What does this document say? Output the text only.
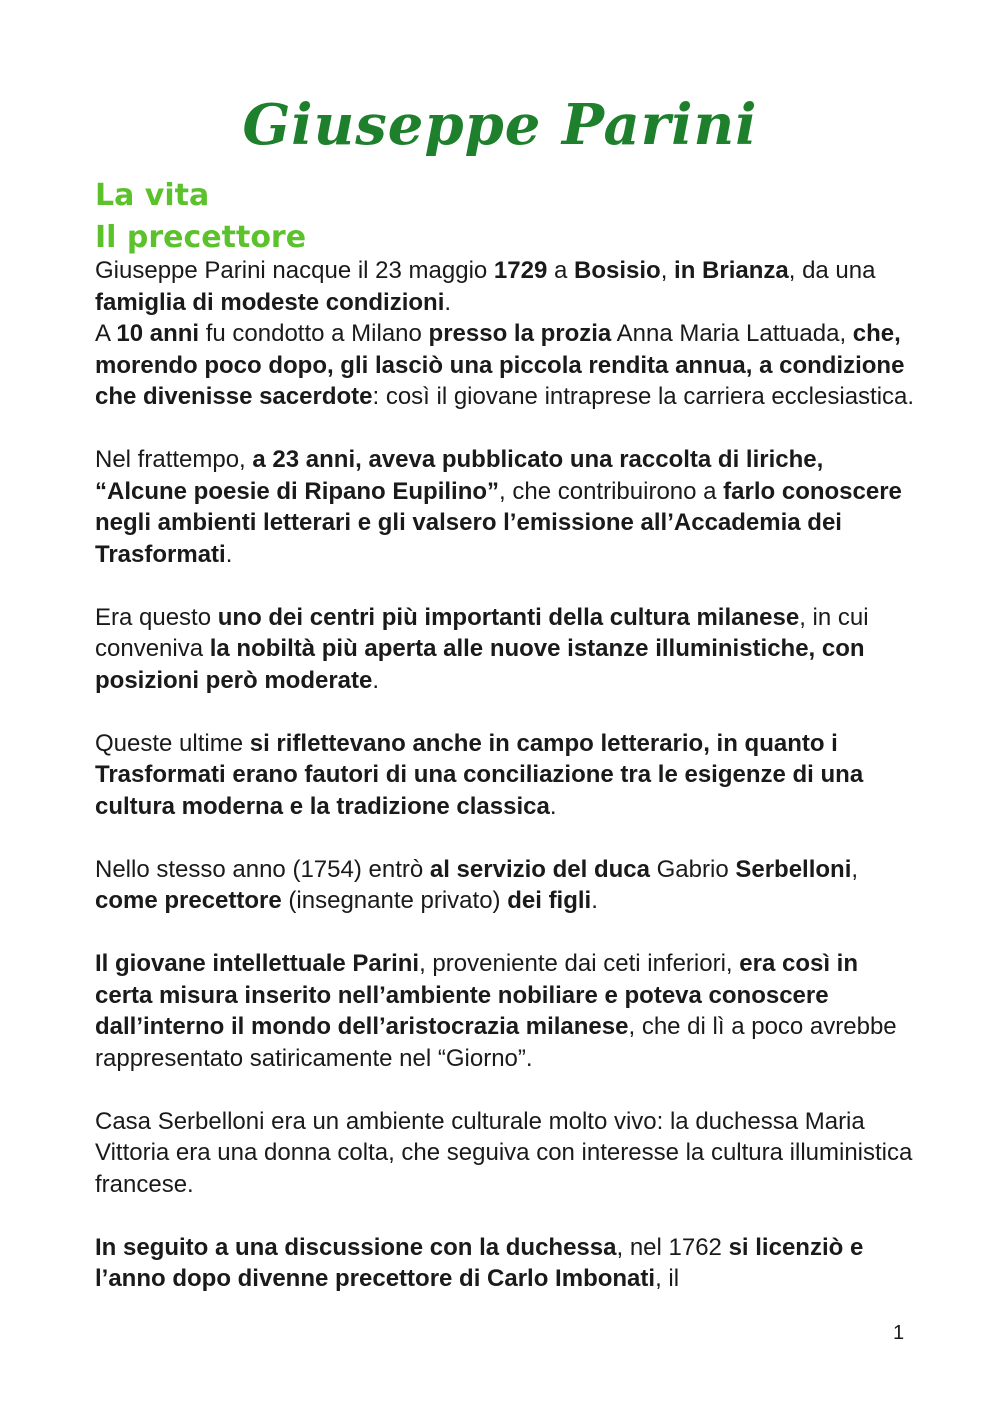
Giuseppe Parini
La vita
Il precettore

Giuseppe Parini nacque il 23 maggio 1729 a Bosisio, in Brianza, da una famiglia di modeste condizioni.
A 10 anni fu condotto a Milano presso la prozia Anna Maria Lattuada, che, morendo poco dopo, gli lasciò una piccola rendita annua, a condizione che divenisse sacerdote: così il giovane intraprese la carriera ecclesiastica.

Nel frattempo, a 23 anni, aveva pubblicato una raccolta di liriche, “Alcune poesie di Ripano Eupilino”, che contribuirono a farlo conoscere negli ambienti letterari e gli valsero l’emissione all’Accademia dei Trasformati.

Era questo uno dei centri più importanti della cultura milanese, in cui conveniva la nobiltà più aperta alle nuove istanze illuministiche, con posizioni però moderate.

Queste ultime si riflettevano anche in campo letterario, in quanto i Trasformati erano fautori di una conciliazione tra le esigenze di una cultura moderna e la tradizione classica.

Nello stesso anno (1754) entrò al servizio del duca Gabrio Serbelloni, come precettore (insegnante privato) dei figli.

Il giovane intellettuale Parini, proveniente dai ceti inferiori, era così in certa misura inserito nell’ambiente nobiliare e poteva conoscere dall’interno il mondo dell’aristocrazia milanese, che di lì a poco avrebbe rappresentato satiricamente nel “Giorno”.

Casa Serbelloni era un ambiente culturale molto vivo: la duchessa Maria Vittoria era una donna colta, che seguiva con interesse la cultura illuministica francese.

In seguito a una discussione con la duchessa, nel 1762 si licenziò e l’anno dopo divenne precettore di Carlo Imbonati, il

1
